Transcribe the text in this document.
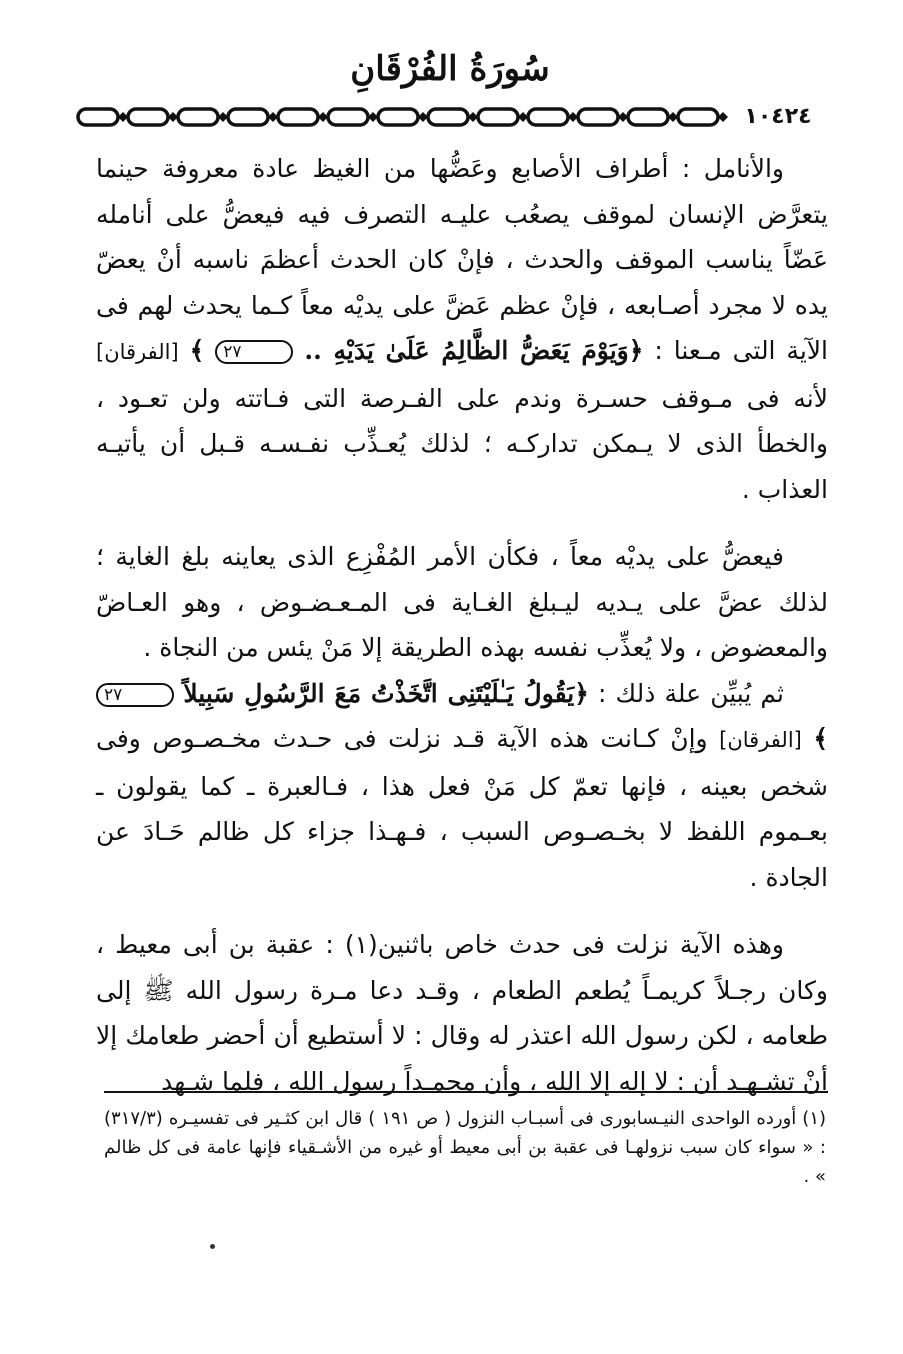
سُورَةُ الفُرْقَانِ
١٠٤٢٤

والأنامل : أطراف الأصابع وعَضُّها من الغيظ عادة معروفة حينما يتعرَّض الإنسان لموقف يصعُب عليـه التصرف فيه فيعضُّ على أنامله عَضّاً يناسب الموقف والحدث ، فإنْ كان الحدث أعظمَ ناسبه أنْ يعضّ يده لا مجرد أصـابعه ، فإنْ عظم عَضَّ على يديْه معاً كـما يحدث لهم فى الآية التى مـعنا : ﴿وَيَوْمَ يَعَضُّ الظَّالِمُ عَلَىٰ يَدَيْهِ .. ٢٧ ﴾ [الفرقان] لأنه فى مـوقف حسـرة وندم على الفـرصة التى فـاتته ولن تعـود ، والخطأ الذى لا يـمكن تداركـه ؛ لذلك يُعـذِّب نفـسـه قـبل أن يأتيـه العذاب .

فيعضُّ على يديْه معاً ، فكأن الأمر المُفْزِع الذى يعاينه بلغ الغاية ؛ لذلك عضَّ على يـديه ليـبلغ الغـاية فى المـعـضـوض ، وهو العـاضّ والمعضوض ، ولا يُعذِّب نفسه بهذه الطريقة إلا مَنْ يئس من النجاة .

ثم يُبيِّن علة ذلك : ﴿يَقُولُ يَـٰلَيْتَنِى اتَّخَذْتُ مَعَ الرَّسُولِ سَبِيلاً ٢٧ ﴾ [الفرقان] وإنْ كـانت هذه الآية قـد نزلت فى حـدث مخـصـوص وفى شخص بعينه ، فإنها تعمّ كل مَنْ فعل هذا ، فـالعبرة ـ كما يقولون ـ بعـموم اللفظ لا بخـصـوص السبب ، فـهـذا جزاء كل ظالم حَـادَ عن الجادة .

وهذه الآية نزلت فى حدث خاص باثنين(١) : عقبة بن أبى معيط ، وكان رجـلاً كريمـاً يُطعم الطعام ، وقـد دعا مـرة رسول الله ﷺ إلى طعامه ، لكن رسول الله اعتذر له وقال : لا أستطيع أن أحضر طعامك إلا أنْ تشـهـد أن : لا إله إلا الله ، وأن محمـداً رسول الله ، فلما شـهد

(١) أورده الواحدى النيـسابورى فى أسبـاب النزول ( ص ١٩١ ) قال ابن كثـير فى تفسيـره (٣١٧/٣) : « سواء كان سبب نزولهـا فى عقبة بن أبى معيط أو غيره من الأشـقياء فإنها عامة فى كل ظالم » .
